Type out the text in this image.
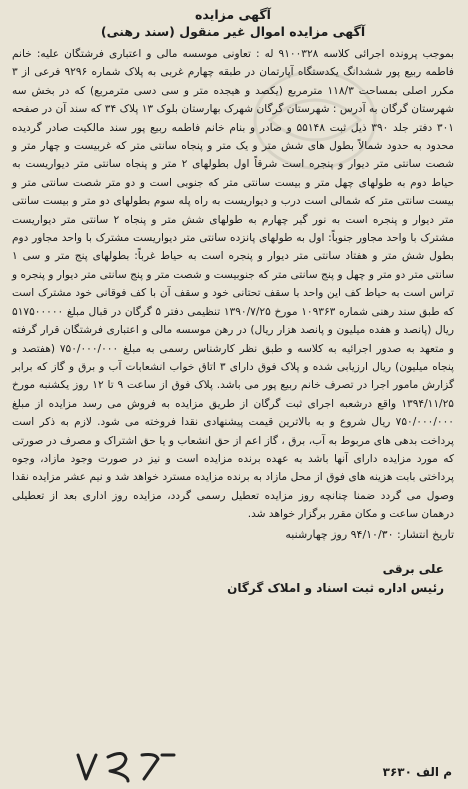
آگهی مزایده
آگهی مزایده اموال غیر منقول (سند رهنی)

بموجب پرونده اجرائی کلاسه ۹۱۰۰۳۲۸ له : تعاونی موسسه مالی و اعتباری فرشتگان علیه: خانم فاطمه ربیع پور ششدانگ یکدستگاه آپارتمان در طبقه چهارم غربی به پلاک شماره ۹۲۹۶ فرعی از ۳ مکرر اصلی بمساحت ۱۱۸/۳ مترمربع (یکصد و هیجده متر و سی دسی مترمربع) که در بخش سه شهرستان گرگان به آدرس : شهرستان گرگان شهرک بهارستان بلوک ۱۳ پلاک ۳۴ که سند آن در صفحه ۳۰۱ دفتر جلد ۳۹۰ ذیل ثبت ۵۵۱۴۸ و صادر و بنام خانم فاطمه ربیع پور سند مالکیت صادر گردیده محدود به حدود شمالاً بطول های شش متر و یک متر و پنجاه سانتی متر که غربیست و چهار متر و شصت سانتی متر دیوار و پنجره است شرقاً اول بطولهای ۲ متر و پنجاه سانتی متر دیواریست به حیاط دوم به طولهای چهل متر و بیست سانتی متر که جنوبی است و دو متر شصت سانتی متر و بیست سانتی متر که شمالی است درب و دیواریست به راه پله سوم بطولهای دو متر و بیست سانتی متر دیوار و پنجره است به نور گیر چهارم به طولهای شش متر و پنجاه ۲ سانتی متر دیواریست مشترک با واحد مجاور جنوباً: اول به طولهای پانزده سانتی متر دیواریست مشترک با واحد مجاور دوم بطول شش متر و هفتاد سانتی متر دیوار و پنجره است به حیاط غرباً: بطولهای پنج متر و سی ۱ سانتی متر دو متر و چهل و پنج سانتی متر که جنوبیست و شصت متر و پنج سانتی متر دیوار و پنجره و تراس است به حیاط کف این واحد با سقف تحتانی خود و سقف آن با کف فوقانی خود مشترک است که طبق سند رهنی شماره ۱۰۹۳۶۳ مورخ ۱۳۹۰/۷/۲۵ تنظیمی دفتر ۵ گرگان در قبال مبلغ ۵۱۷۵۰۰۰۰۰ ریال (پانصد و هفده میلیون و پانصد هزار ریال) در رهن موسسه مالی و اعتباری فرشتگان قرار گرفته و متعهد به صدور اجرائیه به کلاسه و طبق نظر کارشناس رسمی به مبلغ ۷۵۰/۰۰۰/۰۰۰ (هفتصد و پنجاه میلیون) ریال ارزیابی شده و پلاک فوق دارای ۳ اتاق خواب انشعابات آب و برق و گاز که برابر گزارش مامور اجرا در تصرف خانم ربیع پور می باشد. پلاک فوق از ساعت ۹ تا ۱۲ روز یکشنبه مورخ ۱۳۹۴/۱۱/۲۵ واقع درشعبه اجرای ثبت گرگان از طریق مزایده به فروش می رسد مزایده از مبلغ ۷۵۰/۰۰۰/۰۰۰ ریال شروع و به بالاترین قیمت پیشنهادی نقدا فروخته می شود. لازم به ذکر است پرداخت بدهی های مربوط به آب، برق ، گاز اعم از حق انشعاب و یا حق اشتراک و مصرف در صورتی که مورد مزایده دارای آنها باشد به عهده برنده مزایده است و نیز در صورت وجود مازاد، وجوه پرداختی بابت هزینه های فوق از محل مازاد به برنده مزایده مسترد خواهد شد و نیم عشر مزایده نقدا وصول می گردد ضمنا چنانچه روز مزایده تعطیل رسمی گردد، مزایده روز اداری بعد از تعطیلی درهمان ساعت و مکان مقرر برگزار خواهد شد.

تاریخ انتشار: ۹۴/۱۰/۳۰ روز چهارشنبه
علی برقی
رئیس اداره ثبت اسناد و املاک گرگان
م الف ۳۶۳۰
